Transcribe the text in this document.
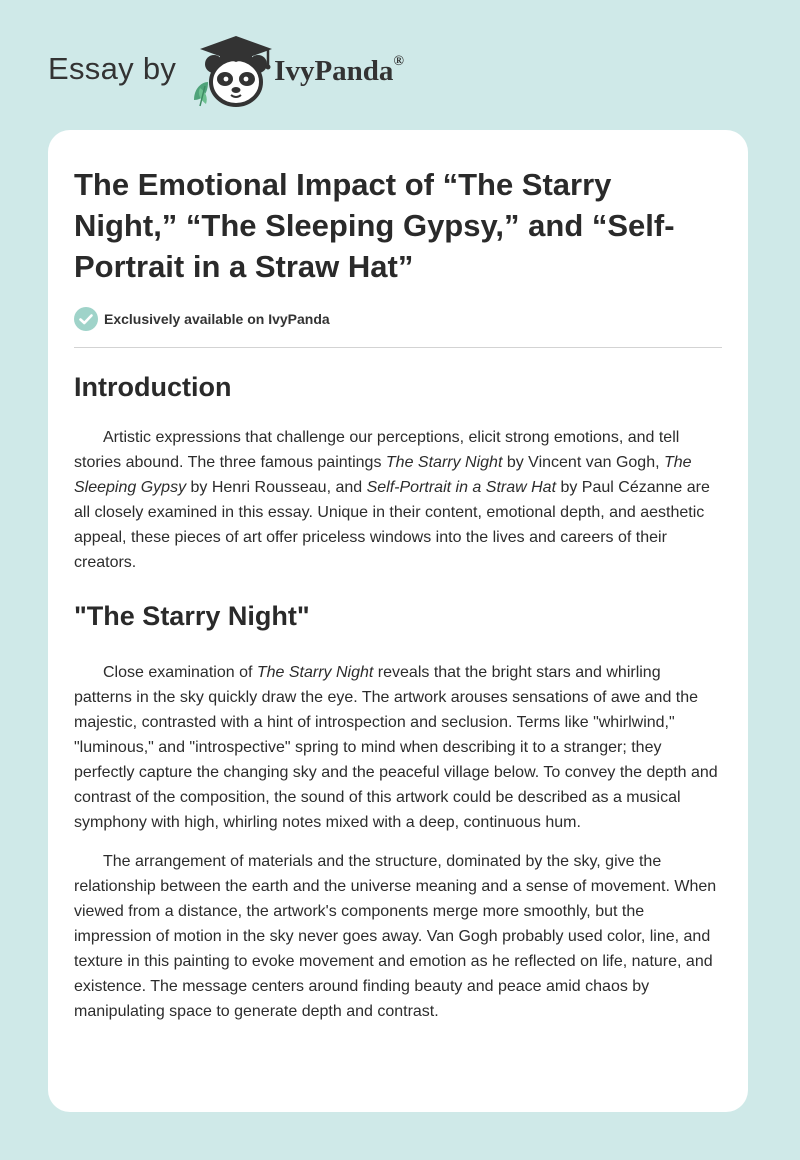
Essay by	IvyPanda®
The Emotional Impact of “The Starry Night,” “The Sleeping Gypsy,” and “Self-Portrait in a Straw Hat”
Exclusively available on IvyPanda
Introduction

Artistic expressions that challenge our perceptions, elicit strong emotions, and tell stories abound. The three famous paintings The Starry Night by Vincent van Gogh, The Sleeping Gypsy by Henri Rousseau, and Self-Portrait in a Straw Hat by Paul Cézanne are all closely examined in this essay. Unique in their content, emotional depth, and aesthetic appeal, these pieces of art offer priceless windows into the lives and careers of their creators.

"The Starry Night"

Close examination of The Starry Night reveals that the bright stars and whirling patterns in the sky quickly draw the eye. The artwork arouses sensations of awe and the majestic, contrasted with a hint of introspection and seclusion. Terms like "whirlwind," "luminous," and "introspective" spring to mind when describing it to a stranger; they perfectly capture the changing sky and the peaceful village below. To convey the depth and contrast of the composition, the sound of this artwork could be described as a musical symphony with high, whirling notes mixed with a deep, continuous hum.

The arrangement of materials and the structure, dominated by the sky, give the relationship between the earth and the universe meaning and a sense of movement. When viewed from a distance, the artwork's components merge more smoothly, but the impression of motion in the sky never goes away. Van Gogh probably used color, line, and texture in this painting to evoke movement and emotion as he reflected on life, nature, and existence. The message centers around finding beauty and peace amid chaos by manipulating space to generate depth and contrast.
